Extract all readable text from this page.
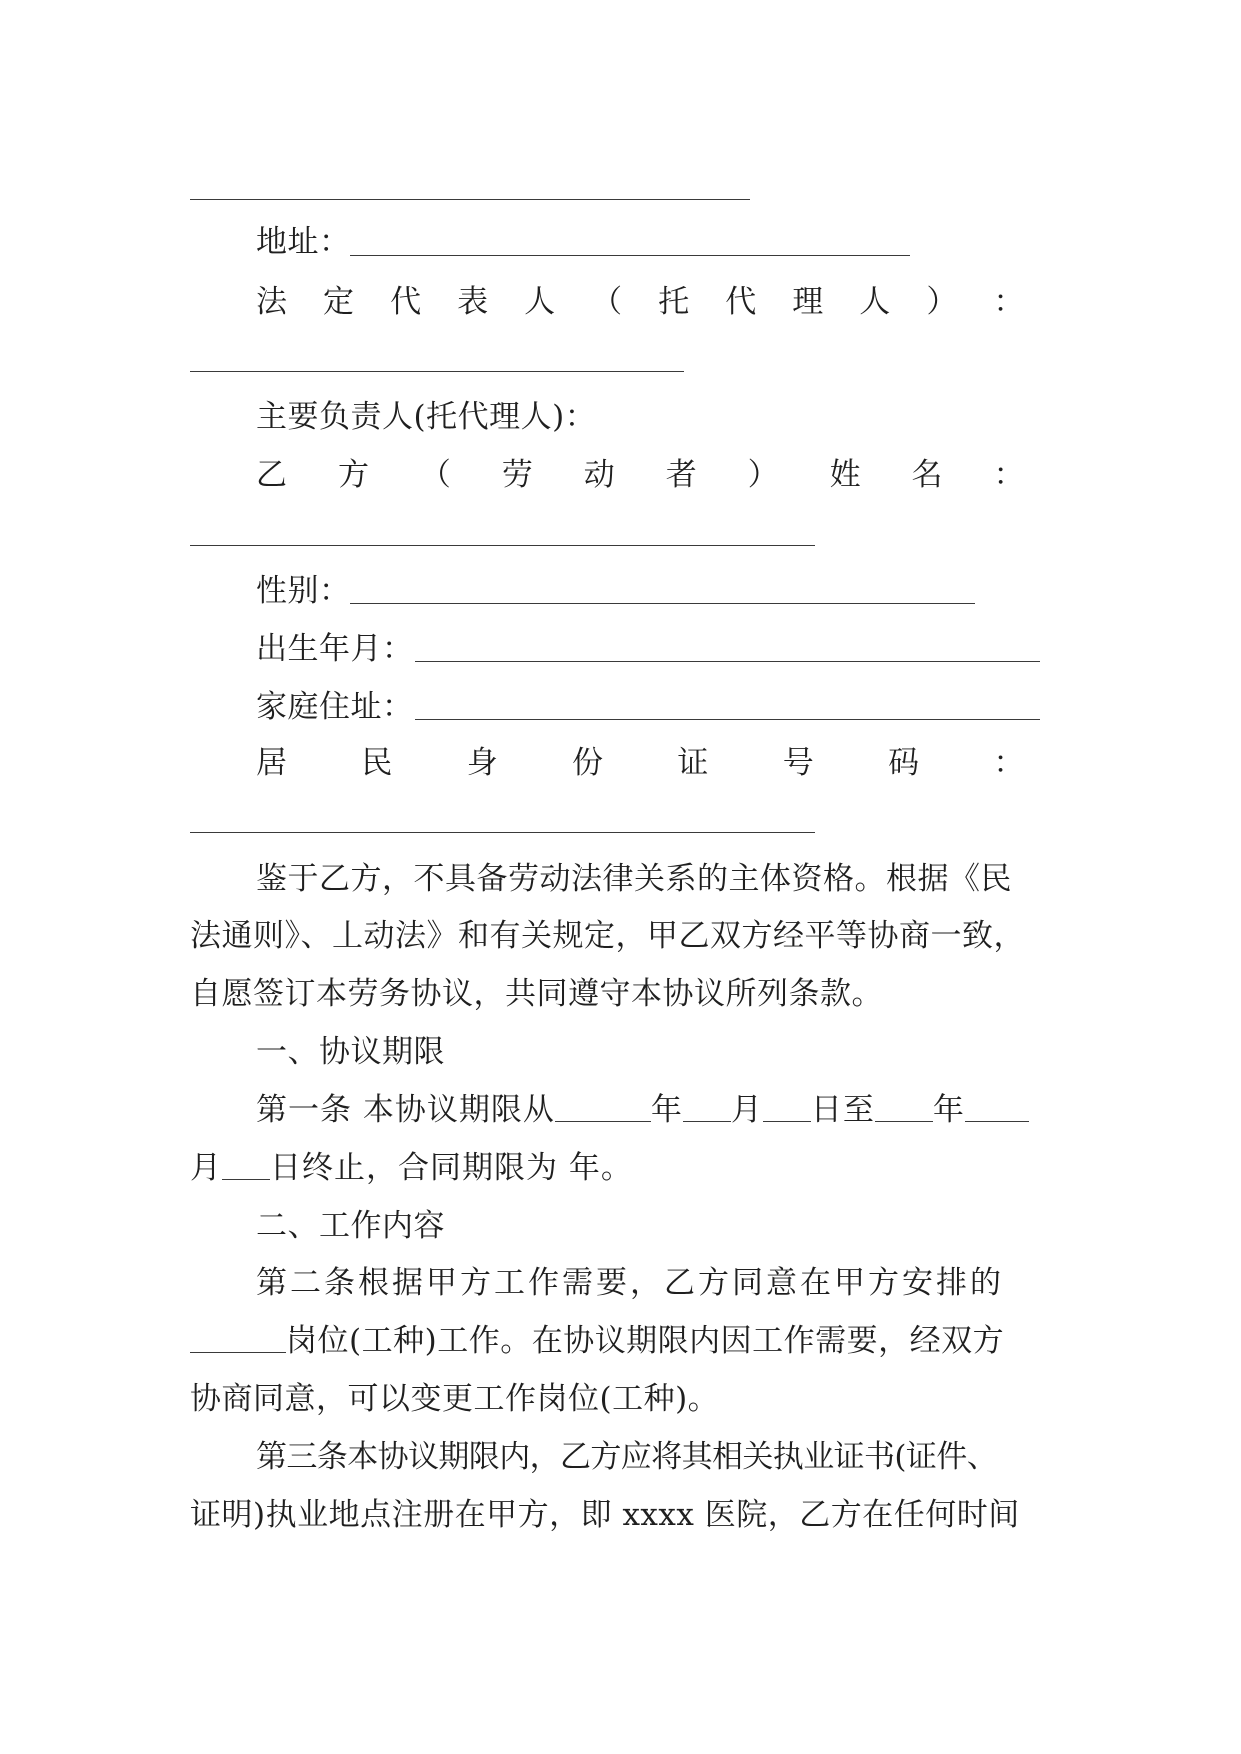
地址：
法 定 代 表 人 （ 托 代 理 人 ） ：
主要负责人(托代理人)：
乙 方 （ 劳 动 者 ） 姓 名 ：
性别：
出生年月：
家庭住址：
居 民 身 份 证 号 码 ：
鉴于乙方，不具备劳动法律关系的主体资格。根据《民
法通则》、丄动法》和有关规定，甲乙双方经平等协商一致，
自愿签订本劳务协议，共同遵守本协议所列条款。
一、协议期限
第一条 本协议期限从	年 月 日至 年
月 日终止，合同期限为 年。
二、工作内容
第二条根据甲方工作需要，乙方同意在甲方安排的
岗位(工种)工作。在协议期限内因工作需要，经双方
协商同意，可以变更工作岗位(工种)。
第三条本协议期限内，乙方应将其相关执业证书(证件、
证明)执业地点注册在甲方，即 xxxx 医院，乙方在任何时间
